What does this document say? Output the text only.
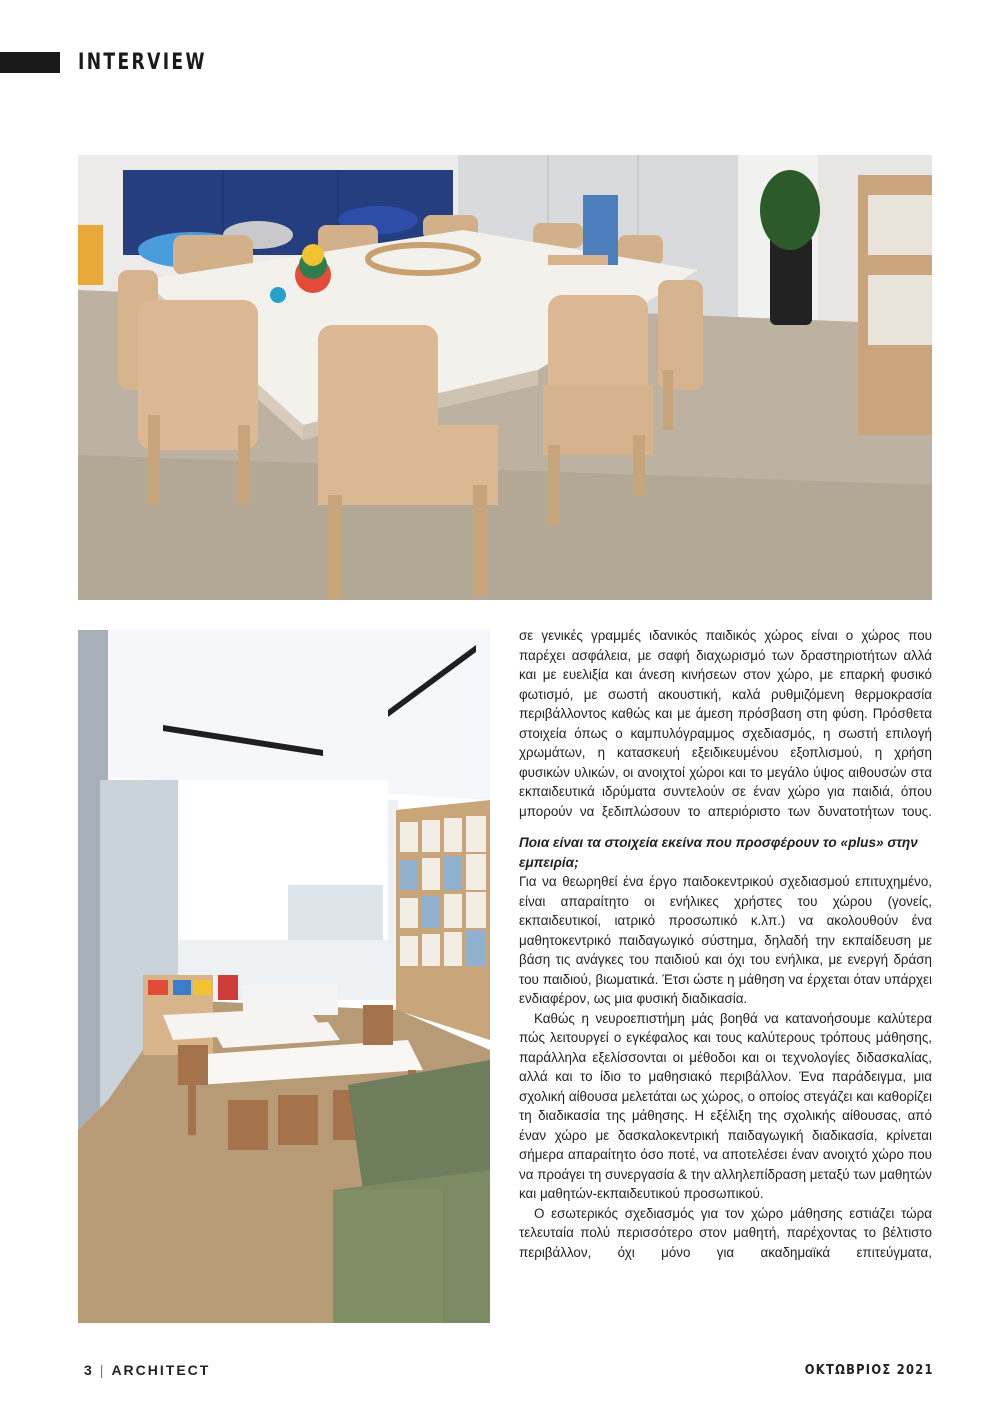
INTERVIEW

σε γενικές γραμμές ιδανικός παιδικός χώρος είναι ο χώρος που παρέχει ασφάλεια, με σαφή διαχωρισμό των δραστηριοτήτων αλλά και με ευελιξία και άνεση κινήσεων στον χώρο, με επαρκή φυσικό φωτισμό, με σωστή ακουστική, καλά ρυθμιζόμενη θερμοκρασία περιβάλλοντος καθώς και με άμεση πρόσβαση στη φύση. Πρόσθετα στοιχεία όπως ο καμπυλόγραμμος σχεδιασμός, η σωστή επιλογή χρωμάτων, η κατασκευή εξειδικευμένου εξοπλισμού, η χρήση φυσικών υλικών, οι ανοιχτοί χώροι και το μεγάλο ύψος αιθουσών στα εκπαιδευτικά ιδρύματα συντελούν σε έναν χώρο για παιδιά, όπου μπορούν να ξεδιπλώσουν το απεριόριστο των δυνατοτήτων τους.

Ποια είναι τα στοιχεία εκείνα που προσφέρουν το «plus» στην εμπειρία;

Για να θεωρηθεί ένα έργο παιδοκεντρικού σχεδιασμού επιτυχημένο, είναι απαραίτητο οι ενήλικες χρήστες του χώρου (γονείς, εκπαιδευτικοί, ιατρικό προσωπικό κ.λπ.) να ακολουθούν ένα μαθητοκεντρικό παιδαγωγικό σύστημα, δηλαδή την εκπαίδευση με βάση τις ανάγκες του παιδιού και όχι του ενήλικα, με ενεργή δράση του παιδιού, βιωματικά. Έτσι ώστε η μάθηση να έρχεται όταν υπάρχει ενδιαφέρον, ως μια φυσική διαδικασία.

Καθώς η νευροεπιστήμη μάς βοηθά να κατανοήσουμε καλύτερα πώς λειτουργεί ο εγκέφαλος και τους καλύτερους τρόπους μάθησης, παράλληλα εξελίσσονται οι μέθοδοι και οι τεχνολογίες διδασκαλίας, αλλά και το ίδιο το μαθησιακό περιβάλλον. Ένα παράδειγμα, μια σχολική αίθουσα μελετάται ως χώρος, ο οποίος στεγάζει και καθορίζει τη διαδικασία της μάθησης. Η εξέλιξη της σχολικής αίθουσας, από έναν χώρο με δασκαλοκεντρική παιδαγωγική διαδικασία, κρίνεται σήμερα απαραίτητο όσο ποτέ, να αποτελέσει έναν ανοιχτό χώρο που να προάγει τη συνεργασία & την αλληλεπίδραση μεταξύ των μαθητών και μαθητών-εκπαιδευτικού προσωπικού.

Ο εσωτερικός σχεδιασμός για τον χώρο μάθησης εστιάζει τώρα τελευταία πολύ περισσότερο στον μαθητή, παρέχοντας το βέλτιστο περιβάλλον, όχι μόνο για ακαδημαϊκά επιτεύγματα,

3 | ARCHITECT	ΟΚΤΩΒΡΙΟΣ 2021
